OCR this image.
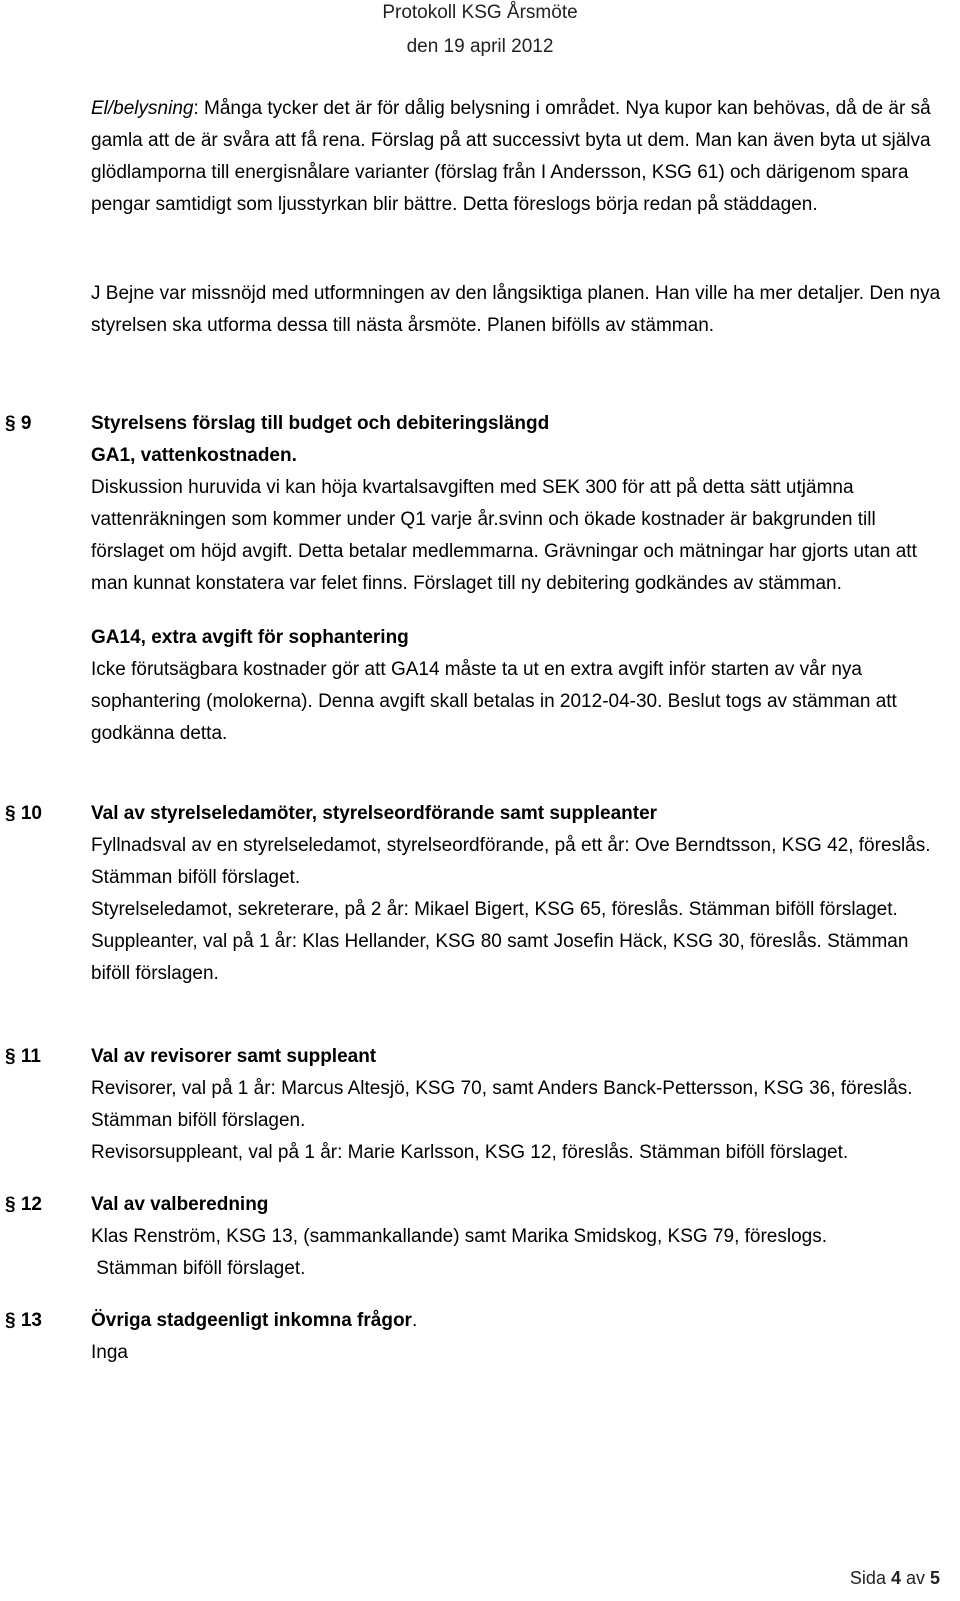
Protokoll KSG Årsmöte
den 19 april 2012
El/belysning: Många tycker det är för dålig belysning i området. Nya kupor kan behövas, då de är så gamla att de är svåra att få rena. Förslag på att successivt byta ut dem. Man kan även byta ut själva glödlamporna till energisnålare varianter (förslag från I Andersson, KSG 61) och därigenom spara pengar samtidigt som ljusstyrkan blir bättre. Detta föreslogs börja redan på städdagen.
J Bejne var missnöjd med utformningen av den långsiktiga planen. Han ville ha mer detaljer. Den nya styrelsen ska utforma dessa till nästa årsmöte. Planen bifölls av stämman.
§ 9	Styrelsens förslag till budget och debiteringslängd
GA1, vattenkostnaden.
Diskussion huruvida vi kan höja kvartalsavgiften med SEK 300 för att på detta sätt utjämna vattenräkningen som kommer under Q1 varje år.svinn och ökade kostnader är bakgrunden till förslaget om höjd avgift. Detta betalar medlemmarna. Grävningar och mätningar har gjorts utan att man kunnat konstatera var felet finns. Förslaget till ny debitering godkändes av stämman.
GA14, extra avgift för sophantering
Icke förutsägbara kostnader gör att GA14 måste ta ut en extra avgift inför starten av vår nya sophantering (molokerna). Denna avgift skall betalas in 2012-04-30. Beslut togs av stämman att godkänna detta.
§ 10	Val av styrelseledamöter, styrelseordförande samt suppleanter
Fyllnadsval av en styrelseledamot, styrelseordförande, på ett år: Ove Berndtsson, KSG 42, föreslås. Stämman biföll förslaget.
Styrelseledamot, sekreterare, på 2 år: Mikael Bigert, KSG 65, föreslås. Stämman biföll förslaget.
Suppleanter, val på 1 år: Klas Hellander, KSG 80 samt Josefin Häck, KSG 30, föreslås. Stämman biföll förslagen.
§ 11	Val av revisorer samt suppleant
Revisorer, val på 1 år: Marcus Altesjö, KSG 70, samt Anders Banck-Pettersson, KSG 36, föreslås. Stämman biföll förslagen.
Revisorsuppleant, val på 1 år: Marie Karlsson, KSG 12, föreslås. Stämman biföll förslaget.
§ 12	Val av valberedning
Klas Renström, KSG 13, (sammankallande) samt Marika Smidskog, KSG 79, föreslogs.
Stämman biföll förslaget.
§ 13	Övriga stadgeenligt inkomna frågor.
Inga
Sida 4 av 5
